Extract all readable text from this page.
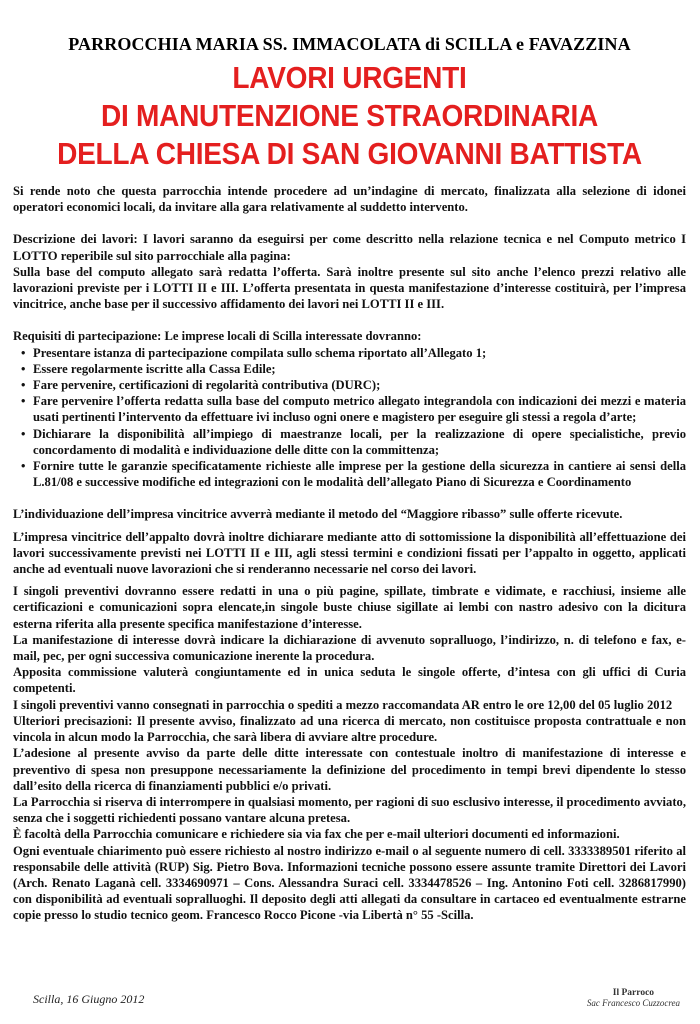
PARROCCHIA MARIA SS. IMMACOLATA di SCILLA e FAVAZZINA
LAVORI URGENTI
DI MANUTENZIONE STRAORDINARIA
DELLA CHIESA DI SAN GIOVANNI BATTISTA

Si rende noto che questa parrocchia intende procedere ad un’indagine di mercato, finalizzata alla selezione di idonei operatori economici locali, da invitare alla gara relativamente al suddetto intervento.

Descrizione dei lavori: I lavori saranno da eseguirsi per come descritto nella relazione tecnica e nel Computo metrico I LOTTO reperibile sul sito parrocchiale alla pagina:

Sulla base del computo allegato sarà redatta l’offerta. Sarà inoltre presente sul sito anche l’elenco prezzi relativo alle lavorazioni previste per i LOTTI II e III. L’offerta presentata in questa manifestazione d’interesse costituirà, per l’impresa vincitrice, anche base per il successivo affidamento dei lavori nei LOTTI II e III.

Requisiti di partecipazione: Le imprese locali di Scilla interessate dovranno:

• Presentare istanza di partecipazione compilata sullo schema riportato all’Allegato 1;
• Essere regolarmente iscritte alla Cassa Edile;
• Fare pervenire, certificazioni di regolarità contributiva (DURC);
• Fare pervenire l’offerta redatta sulla base del computo metrico allegato integrandola con indicazioni dei mezzi e materia usati pertinenti l’intervento da effettuare ivi incluso ogni onere e magistero per eseguire gli stessi a regola d’arte;
• Dichiarare la disponibilità all’impiego di maestranze locali, per la realizzazione di opere specialistiche, previo concordamento di modalità e individuazione delle ditte con la committenza;
• Fornire tutte le garanzie specificatamente richieste alle imprese per la gestione della sicurezza in cantiere ai sensi della L.81/08 e successive modifiche ed integrazioni con le modalità dell’allegato Piano di Sicurezza e Coordinamento

L’individuazione dell’impresa vincitrice avverrà mediante il metodo del “Maggiore ribasso” sulle offerte ricevute.

L’impresa vincitrice dell’appalto dovrà inoltre dichiarare mediante atto di sottomissione la disponibilità all’effettuazione dei lavori successivamente previsti nei LOTTI II e III, agli stessi termini e condizioni fissati per l’appalto in oggetto, applicati anche ad eventuali nuove lavorazioni che si renderanno necessarie nel corso dei lavori.

I singoli preventivi dovranno essere redatti in una o più pagine, spillate, timbrate e vidimate, e racchiusi, insieme alle certificazioni e comunicazioni sopra elencate,in singole buste chiuse sigillate ai lembi con nastro adesivo con la dicitura esterna riferita alla presente specifica manifestazione d’interesse.

La manifestazione di interesse dovrà indicare la dichiarazione di avvenuto sopralluogo, l’indirizzo, n. di telefono e fax, e-mail, pec, per ogni successiva comunicazione inerente la procedura.

Apposita commissione valuterà congiuntamente ed in unica seduta le singole offerte, d’intesa con gli uffici di Curia competenti.

I singoli preventivi vanno consegnati in parrocchia o spediti a mezzo raccomandata AR entro le ore 12,00 del 05 luglio 2012

Ulteriori precisazioni: Il presente avviso, finalizzato ad una ricerca di mercato, non costituisce proposta contrattuale e non vincola in alcun modo la Parrocchia, che sarà libera di avviare altre procedure.

L’adesione al presente avviso da parte delle ditte interessate con contestuale inoltro di manifestazione di interesse e preventivo di spesa non presuppone necessariamente la definizione del procedimento in tempi brevi dipendente lo stesso dall’esito della ricerca di finanziamenti pubblici e/o privati.

La Parrocchia si riserva di interrompere in qualsiasi momento, per ragioni di suo esclusivo interesse, il procedimento avviato, senza che i soggetti richiedenti possano vantare alcuna pretesa.

È facoltà della Parrocchia comunicare e richiedere sia via fax che per e-mail ulteriori documenti ed informazioni.

Ogni eventuale chiarimento può essere richiesto al nostro indirizzo e-mail o al seguente numero di cell. 3333389501 riferito al responsabile delle attività (RUP) Sig. Pietro Bova. Informazioni tecniche possono essere assunte tramite Direttori dei Lavori (Arch. Renato Laganà cell. 3334690971 – Cons. Alessandra Suraci cell. 3334478526 – Ing. Antonino Foti cell. 3286817990) con disponibilità ad eventuali sopralluoghi. Il deposito degli atti allegati da consultare in cartaceo ed eventualmente estrarne copie presso lo studio tecnico geom. Francesco Rocco Picone -via Libertà n° 55 -Scilla.

Scilla, 16 Giugno 2012	Il Parroco
Sac Francesco Cuzzocrea
